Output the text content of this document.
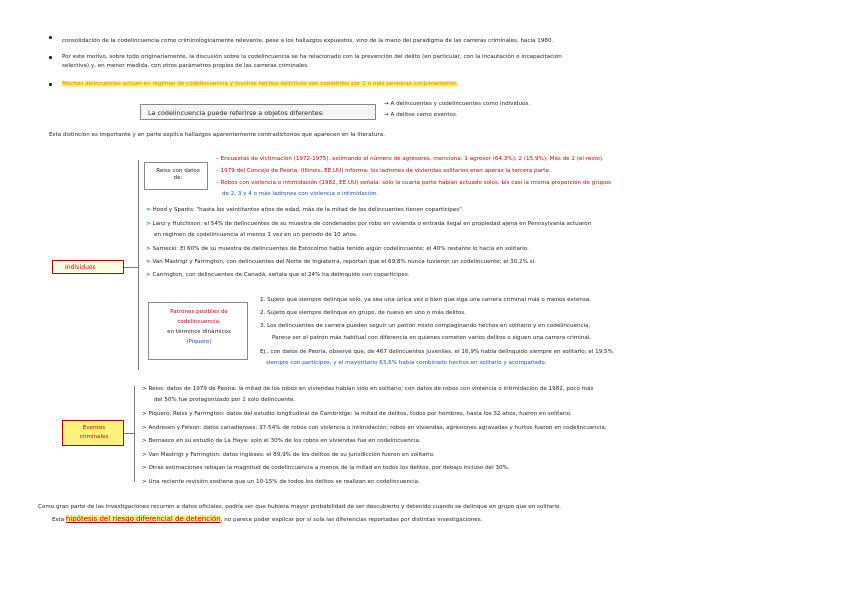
consolidación de la codelincuencia como criminológicamente relevante, pese a los hallazgos expuestos, vino de la mano del paradigma de las carreras criminales, hacia 1980.
Por este motivo, sobre todo originariamente, la discusión sobre la codelincuencia se ha relacionado con la prevención del delito (en particular, con la incautación o incapacitación
selectiva) y, en menor medida, con otros parámetros propios de las carreras criminales.
Muchos delincuentes actúan en régimen de codelincuencia y muchos hechos delictivos son cometidos por 2 o más personas conjuntamente.
La codelincuencia puede referirse a objetos diferentes:
→ A delincuentes y codelincuentes como individuos.
→ A delitos como eventos.
Esta distinción es importante y en parte explica hallazgos aparentemente contradictorios que aparecen en la literatura.
Individuos
Reiss con datos de:
– Encuestas de victimación (1972-1975), estimando el número de agresores, menciona: 1 agresor (64,3%); 2 (15,9%); Más de 2 (el resto).
– 1979 del Concejo de Peoria, (Illinois, EE.UU) informa: los ladrones de viviendas solitarios eran aperas la tercera parte.
– Robos con violencia o intimidación (1982, EE.UU) señala: solo la cuarta parte habían actuado solos, bis casi la misma proporción de grupos
de 2, 3 y 4 o más ladrones con violencia o intimidación.
> Hood y Sparks: "hasta los veintitantos años de edad, más de la mitad de los delincuentes tienen copartícipes".
> Lanz y Hutchison: el 54% de delincuentes de su muestra de condenados por robo en vivienda o entrada ilegal en propiedad ajena en Pennsylvania actuaron
en régimen de codelincuencia al menos 1 vez en un periodo de 10 años.
> Sarnecki: El 60% de su muestra de delincuentes de Estocolmo había tenido algún codelincuente; el 40% restante lo hacía en solitario.
> Van Mastrigt y Farrington, con delincuentes del Norte de Inglaterra, reportan que el 69,8% nunca tuvieron un codelincuente; el 30,2% sí.
> Carrington, con delincuentes de Canadá, señala que el 24% ha delinquido con copartícipes.
Patrones posibles de
codelincuencia,
en términos dinámicos
(Piquero)
1. Sujeto que siempre delinque solo, ya sea una única vez o bien que siga una carrera criminal más o menos extensa.
2. Sujeto que siempre delinque en grupo, de nuevo en uno o más delitos.
3. Los delincuentes de carrera pueden seguir un patrón mixto compaginando hechos en solitario y en codelincuencia.
Parece ser el patrón más habitual con diferencia en quienes cometen varios delitos o siguen una carrera criminal.
Ej., con datos de Peoria, observé que, de 467 delincuentes juveniles, el 16,9% había delinquido siempre en solitario; el 19,5%
siempre con partícipes, y el mayoritario 63,6% había combinado hechos en solitario y acompañado.
Eventos
criminales
> Reiss: datos de 1979 de Peoria: la mitad de los robos en viviendas habían sido en solitario; con datos de robos con violencia o intimidación de 1982, poco más
del 50% fue protagonizado por 1 sólo delincuente.
> Piquero, Reiss y Farrington: datos del estudio longitudinal de Cambridge: la mitad de delitos, todos por hombres, hasta los 32 años, fueron en solitario.
> Andresen y Felson: datos canadienses: 37-54% de robos con violencia o intimidación, robos en viviendas, agresiones agravadas y hurtos fueron en codelincuencia.
> Bernasco en su estudio de La Haya: solo el 30% de los robos en viviendas fue en codelincuencia.
> Van Mastrigt y Farrington: datos ingleses: el 89,9% de los delitos de su jurisdicción fueron en solitario.
> Otras estimaciones rebajan la magnitud de codelincuencia a menos de la mitad en todos los delitos, por debajo incluso del 30%.
> Una reciente revisión sostiene que un 10-15% de todos los delitos se realizan en codelincuencia.
Como gran parte de las investigaciones recurren a datos oficiales, podría ser que hubiera mayor probabilidad de ser descubierto y detenido cuando se delinque en grupo que en solitario.
Esta hipótesis del riesgo diferencial de detención, no parece poder explicar por sí sola las diferencias reportadas por distintas investigaciones.
